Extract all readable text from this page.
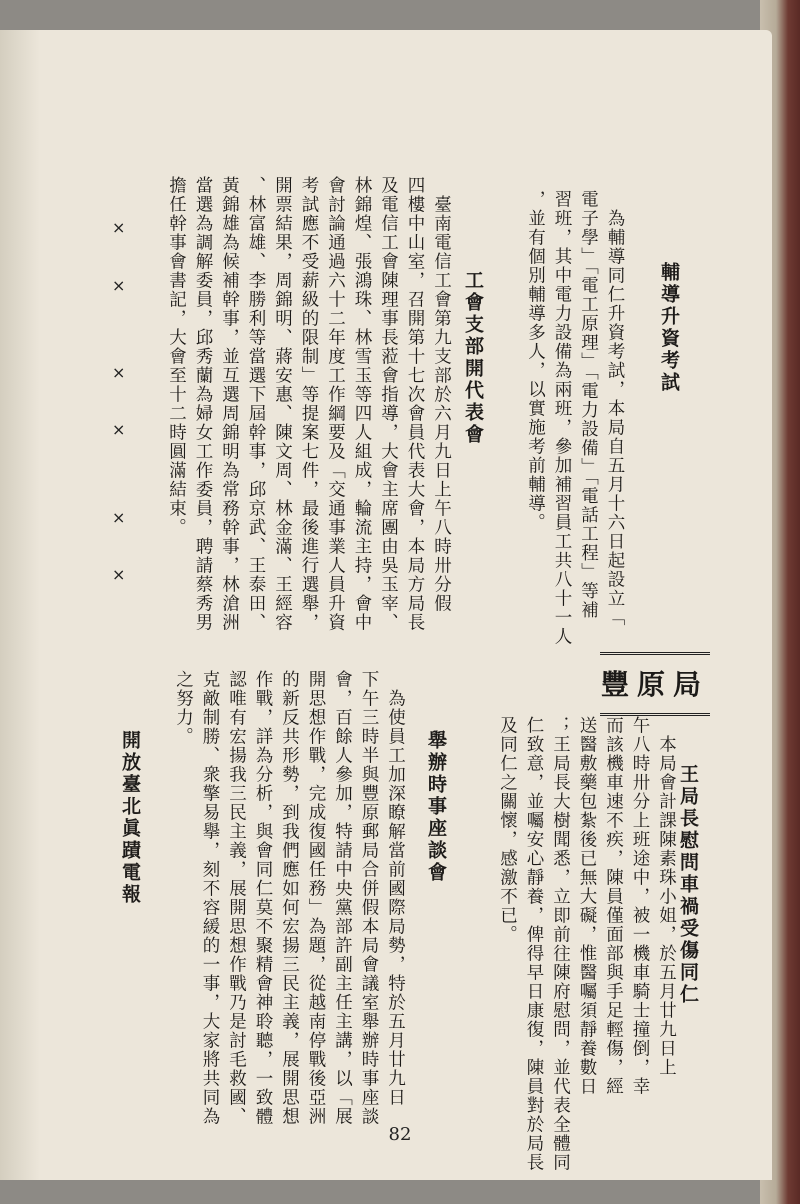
輔導升資考試
　為輔導同仁升資考試，本局自五月十六日起設立「
電子學」「電工原理」「電力設備」「電話工程」等補
習班，其中電力設備為兩班，參加補習員工共八十一人
，並有個別輔導多人，以實施考前輔導。
工會支部開代表會
　臺南電信工會第九支部於六月九日上午八時卅分假
四樓中山室，召開第十七次會員代表大會，本局方局長
及電信工會陳理事長蒞會指導，大會主席團由吳玉宰、
林錦煌、張鴻珠、林雪玉等四人組成，輪流主持，會中
會討論通過六十二年度工作綱要及「交通事業人員升資
考試應不受薪級的限制」等提案七件，最後進行選舉，
開票結果，周錦明、蔣安惠、陳文周、林金滿、王經容
、林富雄、李勝利等當選下屆幹事，邱京武、王泰田、
黃錦雄為候補幹事，並互選周錦明為常務幹事，林滄洲
當選為調解委員，邱秀蘭為婦女工作委員，聘請蔡秀男
擔任幹事會書記，大會至十二時圓滿結束。
×
×
×
×
×
×
豐原局
王局長慰問車禍受傷同仁
　本局會計課陳素珠小姐，於五月廿九日上
午八時卅分上班途中，被一機車騎士撞倒，幸
而該機車速不疾，陳員僅面部與手足輕傷，經
送醫敷藥包紮後已無大礙，惟醫囑須靜養數日
；王局長大樹聞悉，立即前往陳府慰問，並代表全體同
仁致意，並囑安心靜養，俾得早日康復，陳員對於局長
及同仁之關懷，感激不已。
舉辦時事座談會
　為使員工加深瞭解當前國際局勢，特於五月廿九日
下午三時半與豐原郵局合併假本局會議室舉辦時事座談
會，百餘人參加，特請中央黨部許副主任主講，以「展
開思想作戰，完成復國任務」為題，從越南停戰後亞洲
的新反共形勢，到我們應如何宏揚三民主義，展開思想
作戰，詳為分析，與會同仁莫不聚精會神聆聽，一致體
認唯有宏揚我三民主義，展開思想作戰乃是討毛救國、
克敵制勝、衆擎易擧，刻不容緩的一事，大家將共同為
之努力。
開放臺北眞蹟電報
82
